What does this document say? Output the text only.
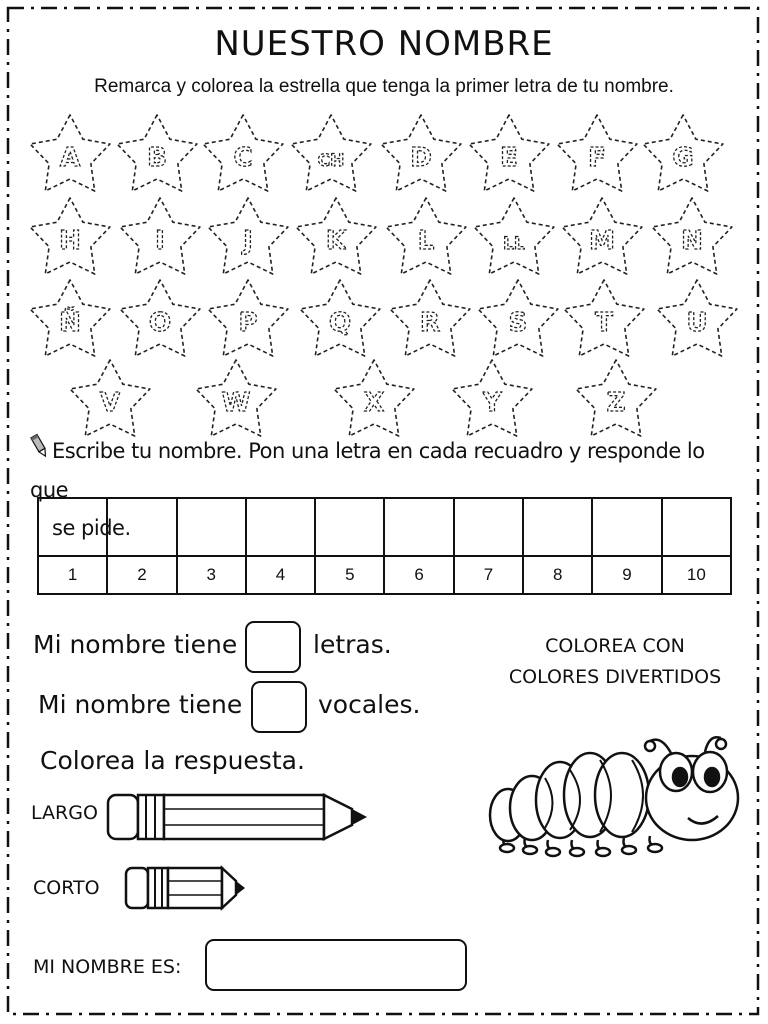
NUESTRO NOMBRE
Remarca y colorea la estrella que tenga la primer letra de tu nombre.
A	B	C	CH	D	E	F	G
H	I	J	K	L	LL M	N
Ñ	O	P	Q	R	S	T	U
V	W	X	Y	Z
Escribe tu nombre. Pon una letra en cada recuadro y responde lo que
se pide.

1	2	3	4	5	6	7	8	9	10
Mi nombre tiene	letras.
Mi nombre tiene	vocales.
Colorea la respuesta.
COLOREA CON
COLORES DIVERTIDOS
LARGO
CORTO
MI NOMBRE ES:
